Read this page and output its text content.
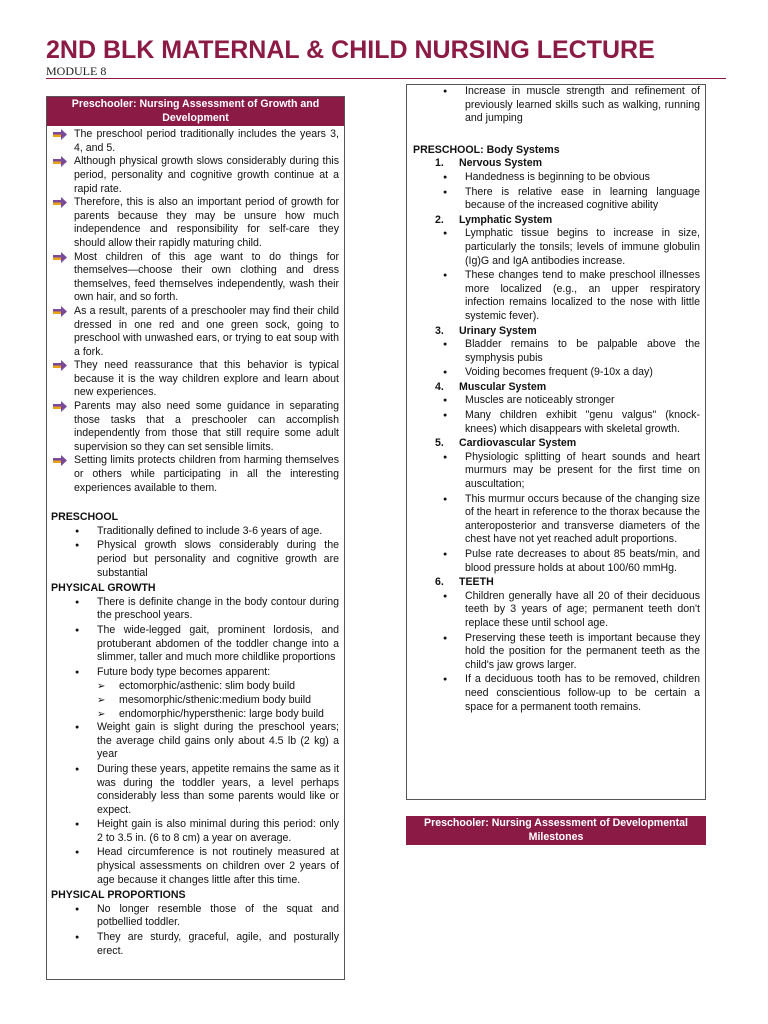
2ND BLK MATERNAL & CHILD NURSING LECTURE
MODULE 8
Preschooler: Nursing Assessment of Growth and Development
The preschool period traditionally includes the years 3, 4, and 5.
Although physical growth slows considerably during this period, personality and cognitive growth continue at a rapid rate.
Therefore, this is also an important period of growth for parents because they may be unsure how much independence and responsibility for self-care they should allow their rapidly maturing child.
Most children of this age want to do things for themselves—choose their own clothing and dress themselves, feed themselves independently, wash their own hair, and so forth.
As a result, parents of a preschooler may find their child dressed in one red and one green sock, going to preschool with unwashed ears, or trying to eat soup with a fork.
They need reassurance that this behavior is typical because it is the way children explore and learn about new experiences.
Parents may also need some guidance in separating those tasks that a preschooler can accomplish independently from those that still require some adult supervision so they can set sensible limits.
Setting limits protects children from harming themselves or others while participating in all the interesting experiences available to them.
PRESCHOOL
● Traditionally defined to include 3-6 years of age.
● Physical growth slows considerably during the period but personality and cognitive growth are substantial
PHYSICAL GROWTH
● There is definite change in the body contour during the preschool years.
● The wide-legged gait, prominent lordosis, and protuberant abdomen of the toddler change into a slimmer, taller and much more childlike proportions
● Future body type becomes apparent:
➢ ectomorphic/asthenic: slim body build
➢ mesomorphic/sthenic:medium body build
➢ endomorphic/hypersthenic: large body build
● Weight gain is slight during the preschool years; the average child gains only about 4.5 lb (2 kg) a year
● During these years, appetite remains the same as it was during the toddler years, a level perhaps considerably less than some parents would like or expect.
● Height gain is also minimal during this period: only 2 to 3.5 in. (6 to 8 cm) a year on average.
● Head circumference is not routinely measured at physical assessments on children over 2 years of age because it changes little after this time.
PHYSICAL PROPORTIONS
● No longer resemble those of the squat and potbellied toddler.
● They are sturdy, graceful, agile, and posturally erect.
● Increase in muscle strength and refinement of previously learned skills such as walking, running and jumping
PRESCHOOL: Body Systems
1. Nervous System
● Handedness is beginning to be obvious
● There is relative ease in learning language because of the increased cognitive ability
2. Lymphatic System
● Lymphatic tissue begins to increase in size, particularly the tonsils; levels of immune globulin (Ig)G and IgA antibodies increase.
● These changes tend to make preschool illnesses more localized (e.g., an upper respiratory infection remains localized to the nose with little systemic fever).
3. Urinary System
● Bladder remains to be palpable above the symphysis pubis
● Voiding becomes frequent (9-10x a day)
4. Muscular System
● Muscles are noticeably stronger
● Many children exhibit "genu valgus" (knock-knees) which disappears with skeletal growth.
5. Cardiovascular System
● Physiologic splitting of heart sounds and heart murmurs may be present for the first time on auscultation;
● This murmur occurs because of the changing size of the heart in reference to the thorax because the anteroposterior and transverse diameters of the chest have not yet reached adult proportions.
● Pulse rate decreases to about 85 beats/min, and blood pressure holds at about 100/60 mmHg.
6. TEETH
● Children generally have all 20 of their deciduous teeth by 3 years of age; permanent teeth don't replace these until school age.
● Preserving these teeth is important because they hold the position for the permanent teeth as the child's jaw grows larger.
● If a deciduous tooth has to be removed, children need conscientious follow-up to be certain a space for a permanent tooth remains.
Preschooler: Nursing Assessment of Developmental Milestones
